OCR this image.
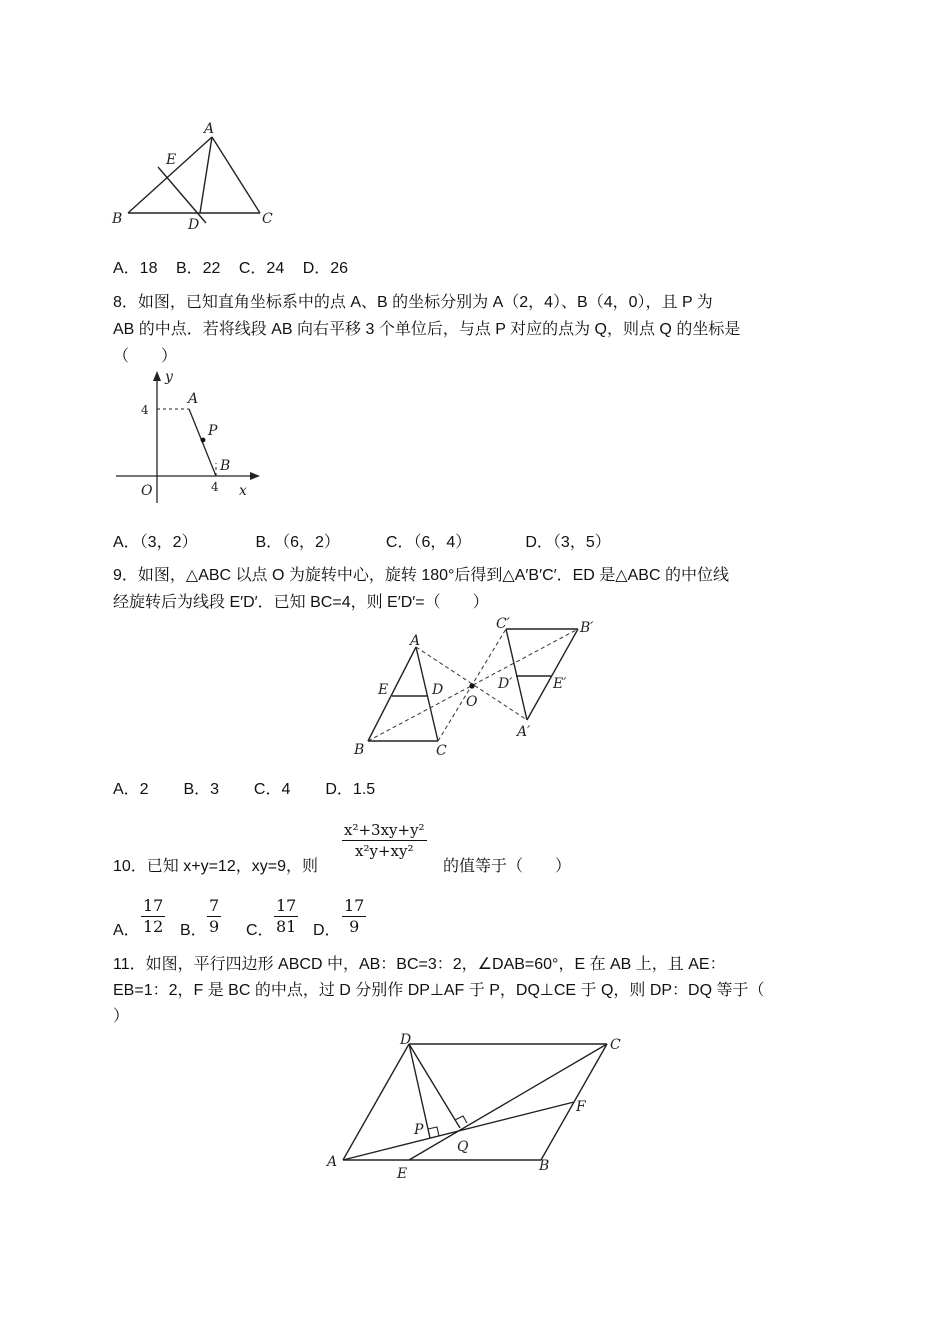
A
E
B	D	C
A．18 B．22 C．24 D．26
8．如图，已知直角坐标系中的点 A、B 的坐标分别为 A（2，4）、B（4，0），且 P 为
AB 的中点．若将线段 AB 向右平移 3 个单位后，与点 P 对应的点为 Q，则点 Q 的坐标是
（　　）
y
x
O
4
4
A
P
B
A．（3，2）	B．（6，2）	C．（6，4）	D．（3，5）
9．如图，△ABC 以点 O 为旋转中心，旋转 180°后得到△A′B′C′．ED 是△ABC 的中位线
经旋转后为线段 E′D′．已知 BC=4，则 E′D′=（　　）
A
E	D
B	C
O
C′	B′
D′	E′
A′
A．2 B．3 C．4 D．1.5
10．已知 x+y=12，xy=9，则
$\frac{\text{x²+3xy+y²}}{\text{x²y+xy²}}$
的值等于（　　）
A． $\frac{17}{12}$ B． $\frac{7}{9}$ C． $\frac{17}{81}$ D． $\frac{17}{9}$
11．如图，平行四边形 ABCD 中，AB：BC=3：2，∠DAB=60°，E 在 AB 上，且 AE：
EB=1：2，F 是 BC 的中点，过 D 分别作 DP⊥AF 于 P，DQ⊥CE 于 Q，则 DP：DQ 等于（
）
D	C
F
P
Q
A
E	B
